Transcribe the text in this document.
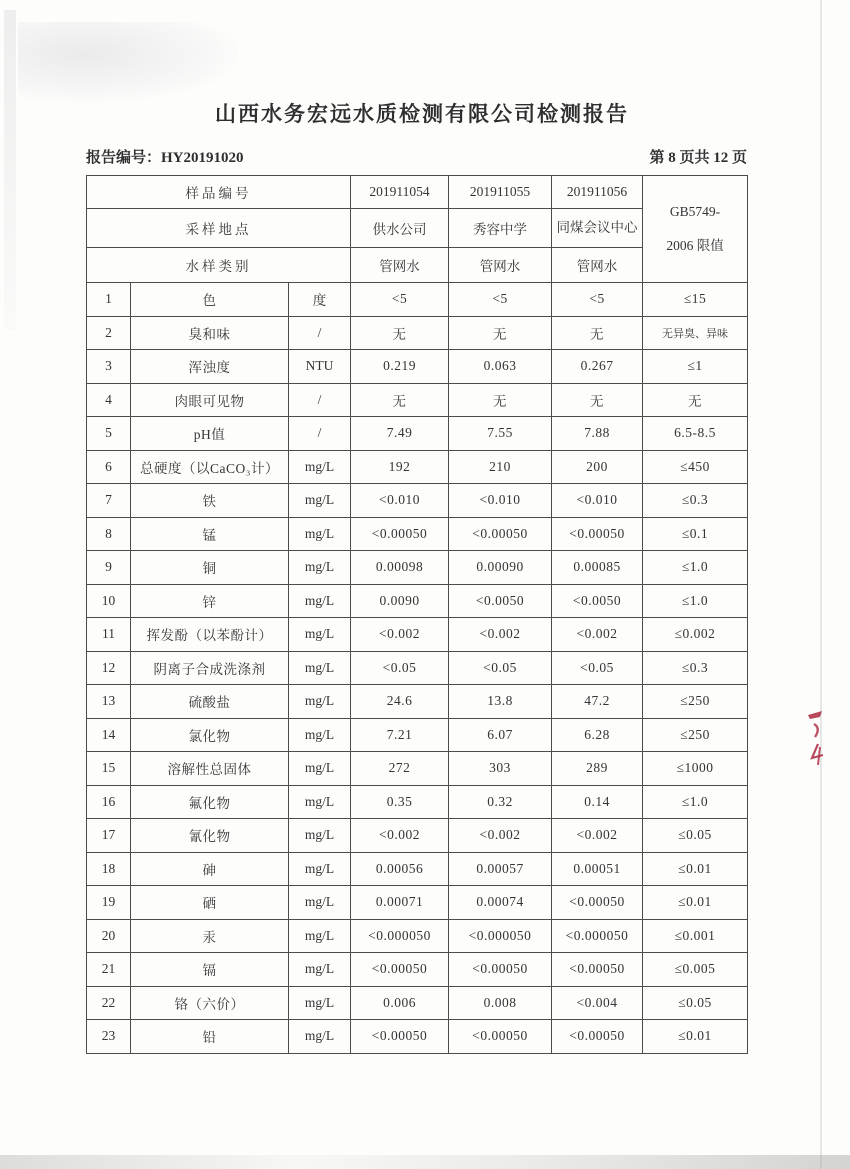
山西水务宏远水质检测有限公司检测报告
报告编号：HY20191020	第 8 页共 12 页
样品编号			201911054	201911055	201911056	GB5749-
2006 限值

采样地点			供水公司	秀容中学	同煤会议中心	
水样类别			管网水	管网水	管网水	
1	色	度	<5	<5	<5	≤15
2	臭和味	/	无	无	无	无异臭、异味
3	浑浊度	NTU	0.219	0.063	0.267	≤1
4	肉眼可见物	/	无	无	无	无
5	pH值	/	7.49	7.55	7.88	6.5-8.5
6	总硬度（以CaCO₃计）	mg/L	192	210	200	≤450
7	铁	mg/L	<0.010	<0.010	<0.010	≤0.3
8	锰	mg/L	<0.00050	<0.00050	<0.00050	≤0.1
9	铜	mg/L	0.00098	0.00090	0.00085	≤1.0
10	锌	mg/L	0.0090	<0.0050	<0.0050	≤1.0
11	挥发酚（以苯酚计）	mg/L	<0.002	<0.002	<0.002	≤0.002
12	阴离子合成洗涤剂	mg/L	<0.05	<0.05	<0.05	≤0.3
13	硫酸盐	mg/L	24.6	13.8	47.2	≤250
14	氯化物	mg/L	7.21	6.07	6.28	≤250
15	溶解性总固体	mg/L	272	303	289	≤1000
16	氟化物	mg/L	0.35	0.32	0.14	≤1.0
17	氰化物	mg/L	<0.002	<0.002	<0.002	≤0.05
18	砷	mg/L	0.00056	0.00057	0.00051	≤0.01
19	硒	mg/L	0.00071	0.00074	<0.00050	≤0.01
20	汞	mg/L	<0.000050	<0.000050	<0.000050	≤0.001
21	镉	mg/L	<0.00050	<0.00050	<0.00050	≤0.005
22	铬（六价）	mg/L	0.006	0.008	<0.004	≤0.05
23	铅	mg/L	<0.00050	<0.00050	<0.00050	≤0.01
